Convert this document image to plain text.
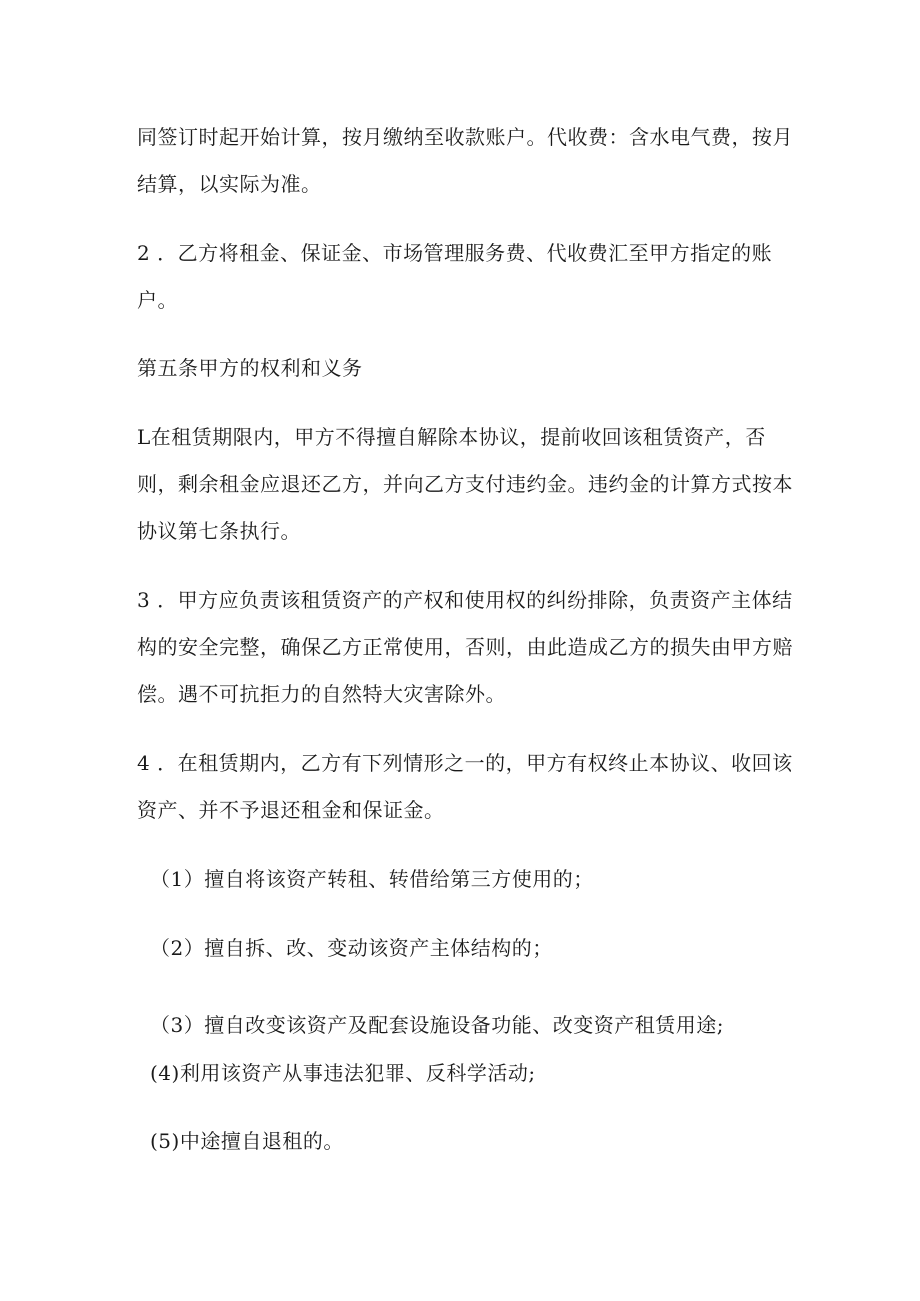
同签订时起开始计算，按月缴纳至收款账户。代收费：含水电气费，按月
结算，以实际为准。
2 ．乙方将租金、保证金、市场管理服务费、代收费汇至甲方指定的账
户。
第五条甲方的权利和义务
L在租赁期限内，甲方不得擅自解除本协议，提前收回该租赁资产，否
则，剩余租金应退还乙方，并向乙方支付违约金。违约金的计算方式按本
协议第七条执行。
3 ．甲方应负责该租赁资产的产权和使用权的纠纷排除，负责资产主体结
构的安全完整，确保乙方正常使用，否则，由此造成乙方的损失由甲方赔
偿。遇不可抗拒力的自然特大灾害除外。
4 ．在租赁期内，乙方有下列情形之一的，甲方有权终止本协议、收回该
资产、并不予退还租金和保证金。
（1）擅自将该资产转租、转借给第三方使用的；
（2）擅自拆、改、变动该资产主体结构的；
（3）擅自改变该资产及配套设施设备功能、改变资产租赁用途;
(4)利用该资产从事违法犯罪、反科学活动;
(5)中途擅自退租的。
